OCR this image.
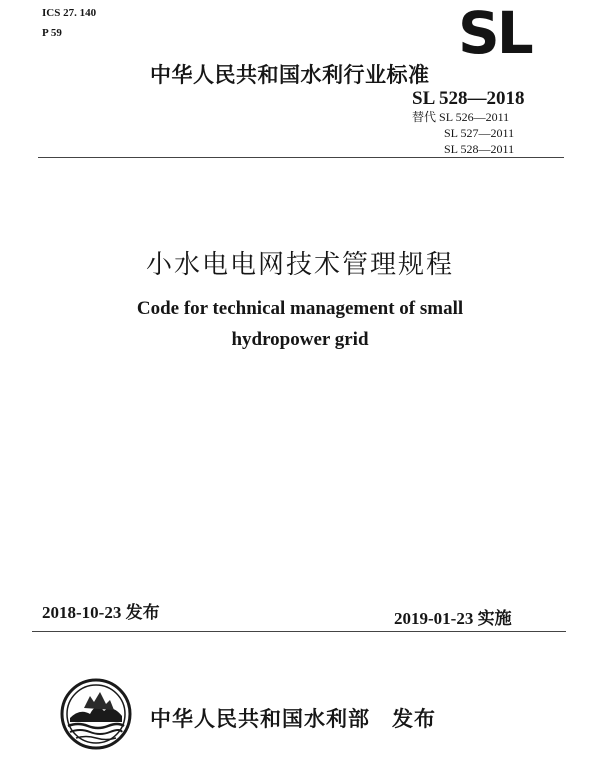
ICS 27. 140
P 59	SL
中华人民共和国水利行业标准
SL 528—2018
替代 SL 526—2011
SL 527—2011
SL 528—2011
小水电电网技术管理规程
Code for technical management of small
hydropower grid
2018-10-23 发布	2019-01-23 实施
中华人民共和国水利部 发布
